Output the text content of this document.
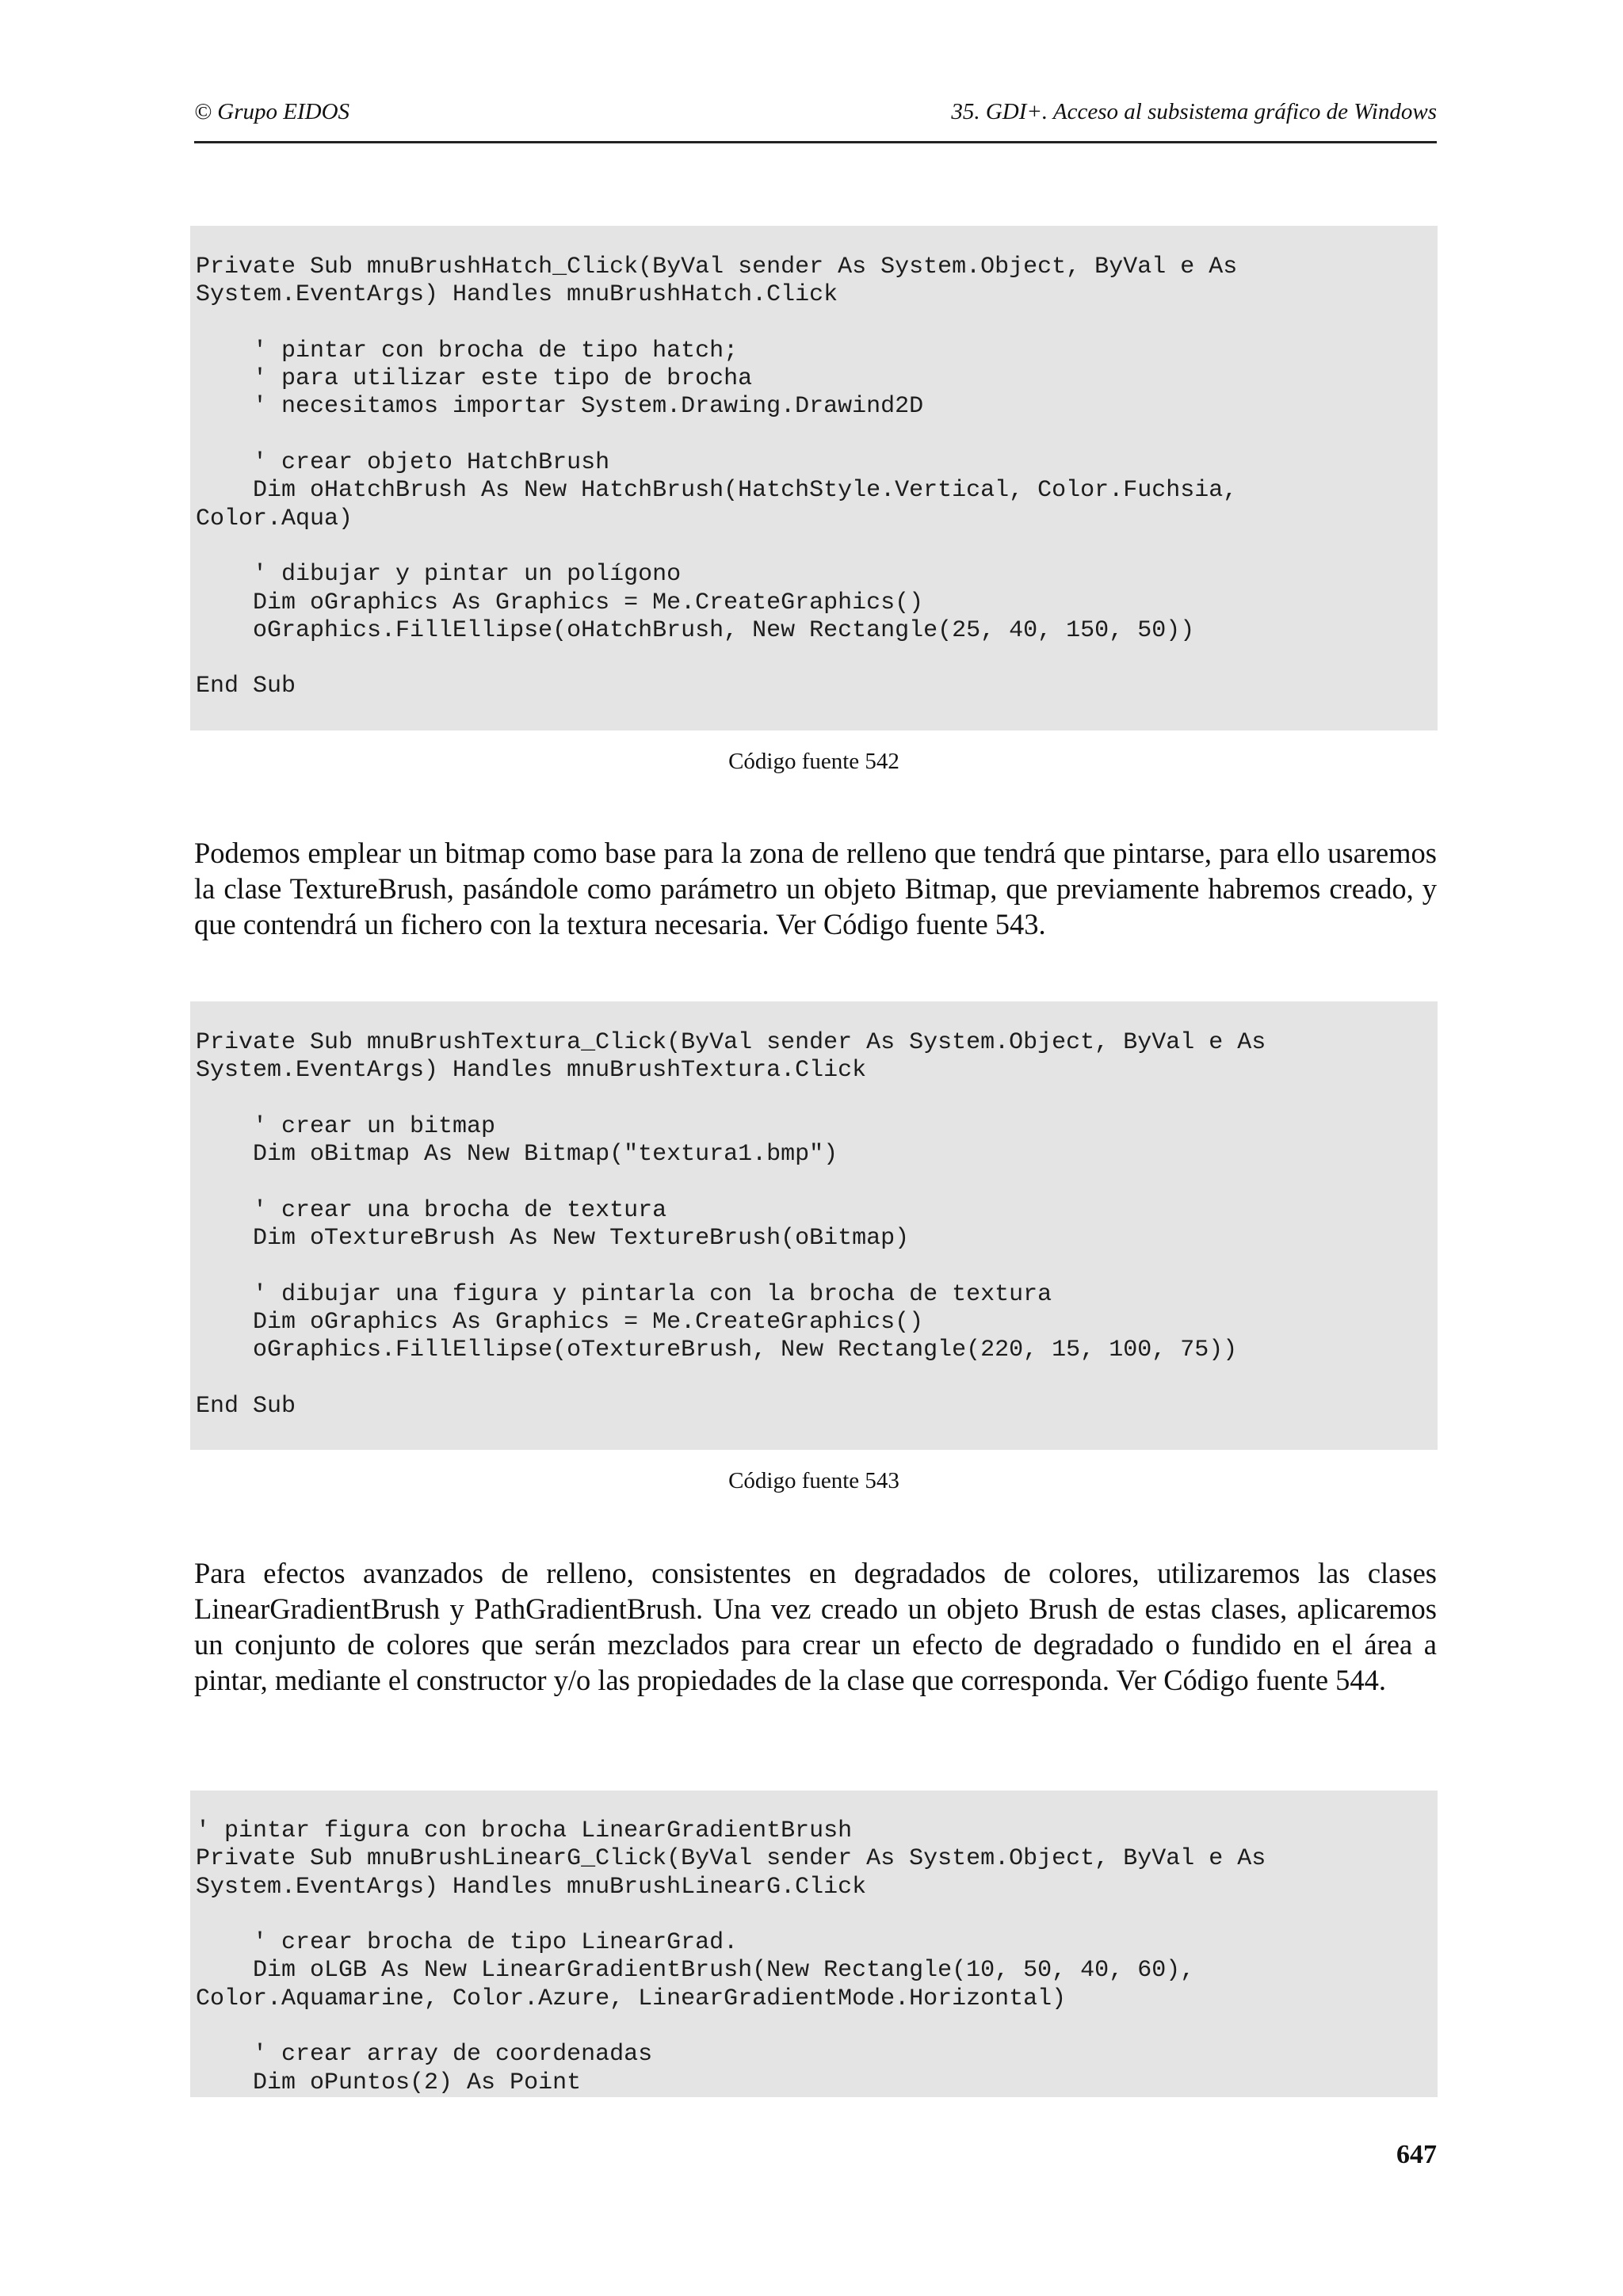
© Grupo EIDOS	35. GDI+. Acceso al subsistema gráfico de Windows
Private Sub mnuBrushHatch_Click(ByVal sender As System.Object, ByVal e As
System.EventArgs) Handles mnuBrushHatch.Click

' pintar con brocha de tipo hatch;
' para utilizar este tipo de brocha
' necesitamos importar System.Drawing.Drawind2D

' crear objeto HatchBrush
Dim oHatchBrush As New HatchBrush(HatchStyle.Vertical, Color.Fuchsia,
Color.Aqua)

' dibujar y pintar un polígono
Dim oGraphics As Graphics = Me.CreateGraphics()
oGraphics.FillEllipse(oHatchBrush, New Rectangle(25, 40, 150, 50))

End Sub
Código fuente 542

Podemos emplear un bitmap como base para la zona de relleno que tendrá que pintarse, para ello usaremos la clase TextureBrush, pasándole como parámetro un objeto Bitmap, que previamente habremos creado, y que contendrá un fichero con la textura necesaria. Ver Código fuente 543.

Private Sub mnuBrushTextura_Click(ByVal sender As System.Object, ByVal e As
System.EventArgs) Handles mnuBrushTextura.Click

' crear un bitmap
Dim oBitmap As New Bitmap("textura1.bmp")

' crear una brocha de textura
Dim oTextureBrush As New TextureBrush(oBitmap)

' dibujar una figura y pintarla con la brocha de textura
Dim oGraphics As Graphics = Me.CreateGraphics()
oGraphics.FillEllipse(oTextureBrush, New Rectangle(220, 15, 100, 75))

End Sub
Código fuente 543

Para efectos avanzados de relleno, consistentes en degradados de colores, utilizaremos las clases LinearGradientBrush y PathGradientBrush. Una vez creado un objeto Brush de estas clases, aplicaremos un conjunto de colores que serán mezclados para crear un efecto de degradado o fundido en el área a pintar, mediante el constructor y/o las propiedades de la clase que corresponda. Ver Código fuente 544.

' pintar figura con brocha LinearGradientBrush
Private Sub mnuBrushLinearG_Click(ByVal sender As System.Object, ByVal e As
System.EventArgs) Handles mnuBrushLinearG.Click

' crear brocha de tipo LinearGrad.
Dim oLGB As New LinearGradientBrush(New Rectangle(10, 50, 40, 60),
Color.Aquamarine, Color.Azure, LinearGradientMode.Horizontal)

' crear array de coordenadas
Dim oPuntos(2) As Point
647
